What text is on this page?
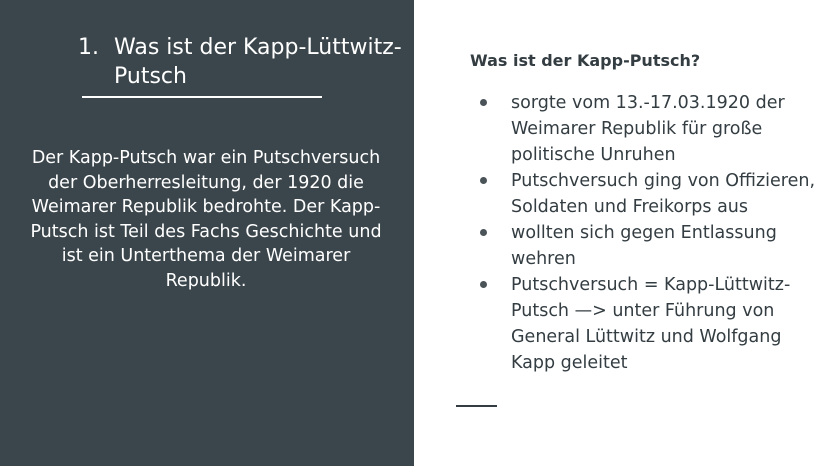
1. Was ist der Kapp-Lüttwitz-Putsch

Der Kapp-Putsch war ein Putschversuch der Oberherresleitung, der 1920 die Weimarer Republik bedrohte. Der Kapp-Putsch ist Teil des Fachs Geschichte und ist ein Unterthema der Weimarer Republik.

Was ist der Kapp-Putsch?
sorgte vom 13.-17.03.1920 der Weimarer Republik für große politische Unruhen
Putschversuch ging von Offizieren, Soldaten und Freikorps aus
wollten sich gegen Entlassung wehren
Putschversuch = Kapp-Lüttwitz-Putsch —> unter Führung von General Lüttwitz und Wolfgang Kapp geleitet
